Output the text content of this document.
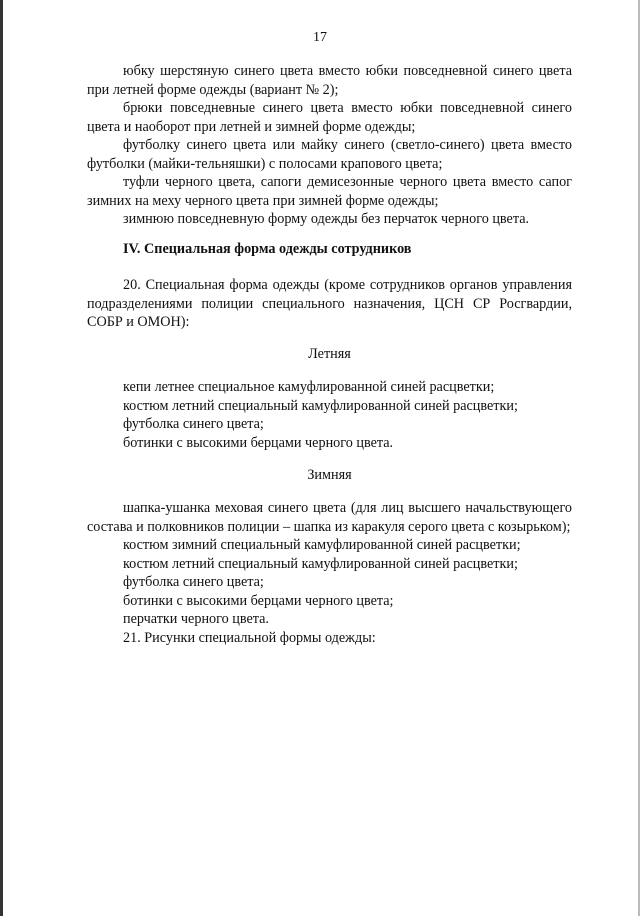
17

юбку шерстяную синего цвета вместо юбки повседневной синего цвета при летней форме одежды (вариант № 2);

брюки повседневные синего цвета вместо юбки повседневной синего цвета и наоборот при летней и зимней форме одежды;

футболку синего цвета или майку синего (светло-синего) цвета вместо футболки (майки-тельняшки) с полосами крапового цвета;

туфли черного цвета, сапоги демисезонные черного цвета вместо сапог зимних на меху черного цвета при зимней форме одежды;

зимнюю повседневную форму одежды без перчаток черного цвета.

IV. Специальная форма одежды сотрудников

20. Специальная форма одежды (кроме сотрудников органов управления подразделениями полиции специального назначения, ЦСН СР Росгвардии, СОБР и ОМОН):

Летняя

кепи летнее специальное камуфлированной синей расцветки;

костюм летний специальный камуфлированной синей расцветки;

футболка синего цвета;

ботинки с высокими берцами черного цвета.

Зимняя

шапка-ушанка меховая синего цвета (для лиц высшего начальствующего состава и полковников полиции – шапка из каракуля серого цвета с козырьком);

костюм зимний специальный камуфлированной синей расцветки;

костюм летний специальный камуфлированной синей расцветки;

футболка синего цвета;

ботинки с высокими берцами черного цвета;

перчатки черного цвета.

21. Рисунки специальной формы одежды:
